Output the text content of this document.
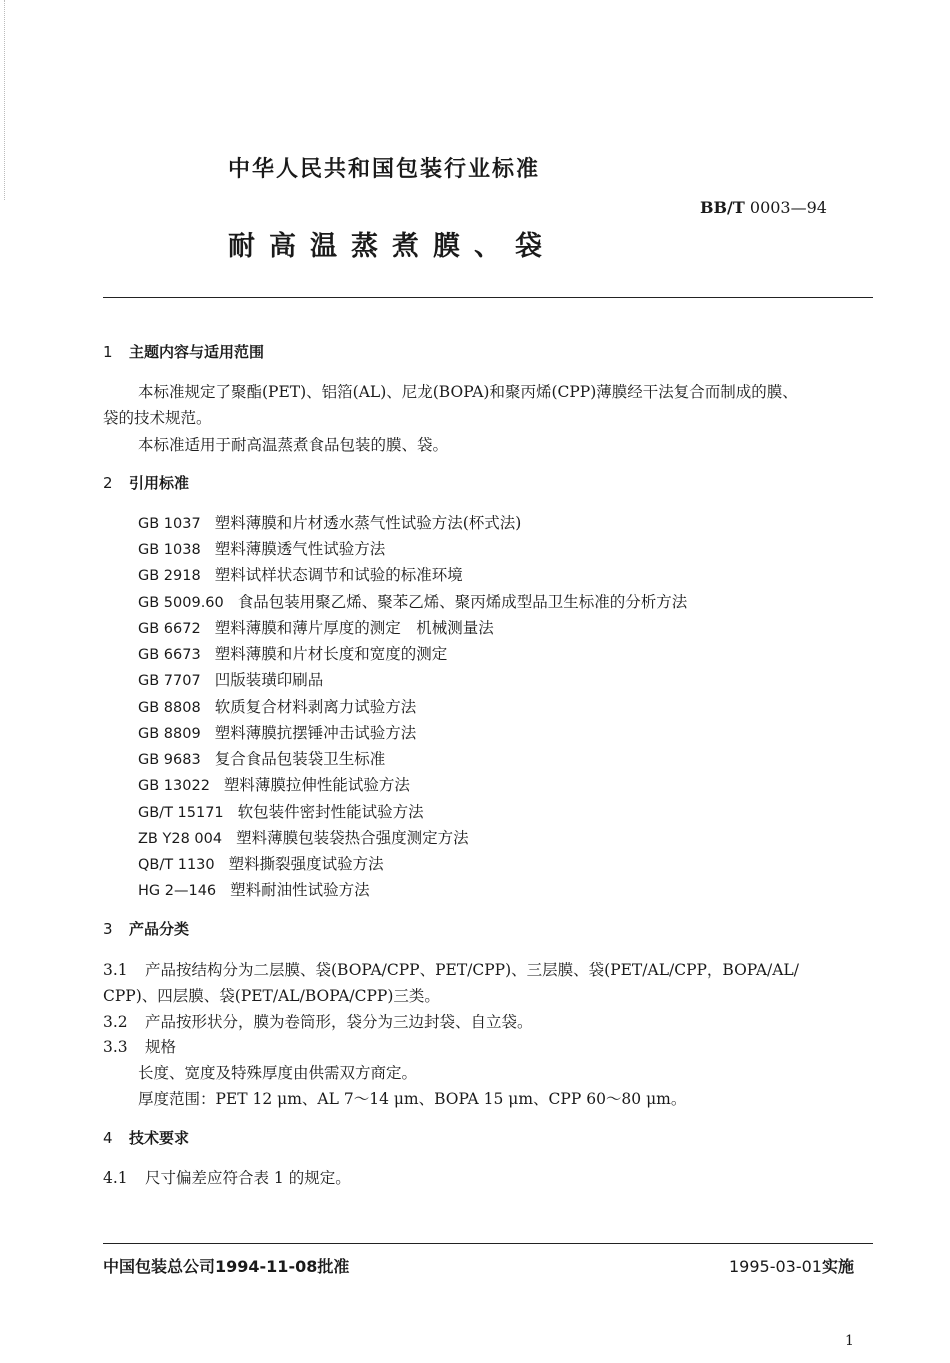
中华人民共和国包装行业标准
BB/T 0003—94
耐高温蒸煮膜、袋
1 主题内容与适用范围
本标准规定了聚酯(PET)、铝箔(AL)、尼龙(BOPA)和聚丙烯(CPP)薄膜经干法复合而制成的膜、
袋的技术规范。
本标准适用于耐高温蒸煮食品包装的膜、袋。
2 引用标准
GB 1037 塑料薄膜和片材透水蒸气性试验方法(杯式法)
GB 1038 塑料薄膜透气性试验方法
GB 2918 塑料试样状态调节和试验的标准环境
GB 5009.60 食品包装用聚乙烯、聚苯乙烯、聚丙烯成型品卫生标准的分析方法
GB 6672 塑料薄膜和薄片厚度的测定　机械测量法
GB 6673 塑料薄膜和片材长度和宽度的测定
GB 7707 凹版装璜印刷品
GB 8808 软质复合材料剥离力试验方法
GB 8809 塑料薄膜抗摆锤冲击试验方法
GB 9683 复合食品包装袋卫生标准
GB 13022 塑料薄膜拉伸性能试验方法
GB/T 15171 软包装件密封性能试验方法
ZB Y28 004 塑料薄膜包装袋热合强度测定方法
QB/T 1130 塑料撕裂强度试验方法
HG 2—146 塑料耐油性试验方法
3 产品分类
3.1 产品按结构分为二层膜、袋(BOPA/CPP、PET/CPP)、三层膜、袋(PET/AL/CPP，BOPA/AL/
CPP)、四层膜、袋(PET/AL/BOPA/CPP)三类。
3.2 产品按形状分，膜为卷筒形，袋分为三边封袋、自立袋。
3.3 规格
长度、宽度及特殊厚度由供需双方商定。
厚度范围：PET 12 μm、AL 7～14 μm、BOPA 15 μm、CPP 60～80 μm。
4 技术要求
4.1 尺寸偏差应符合表 1 的规定。
中国包装总公司1994-11-08批准	1995-03-01实施
1
